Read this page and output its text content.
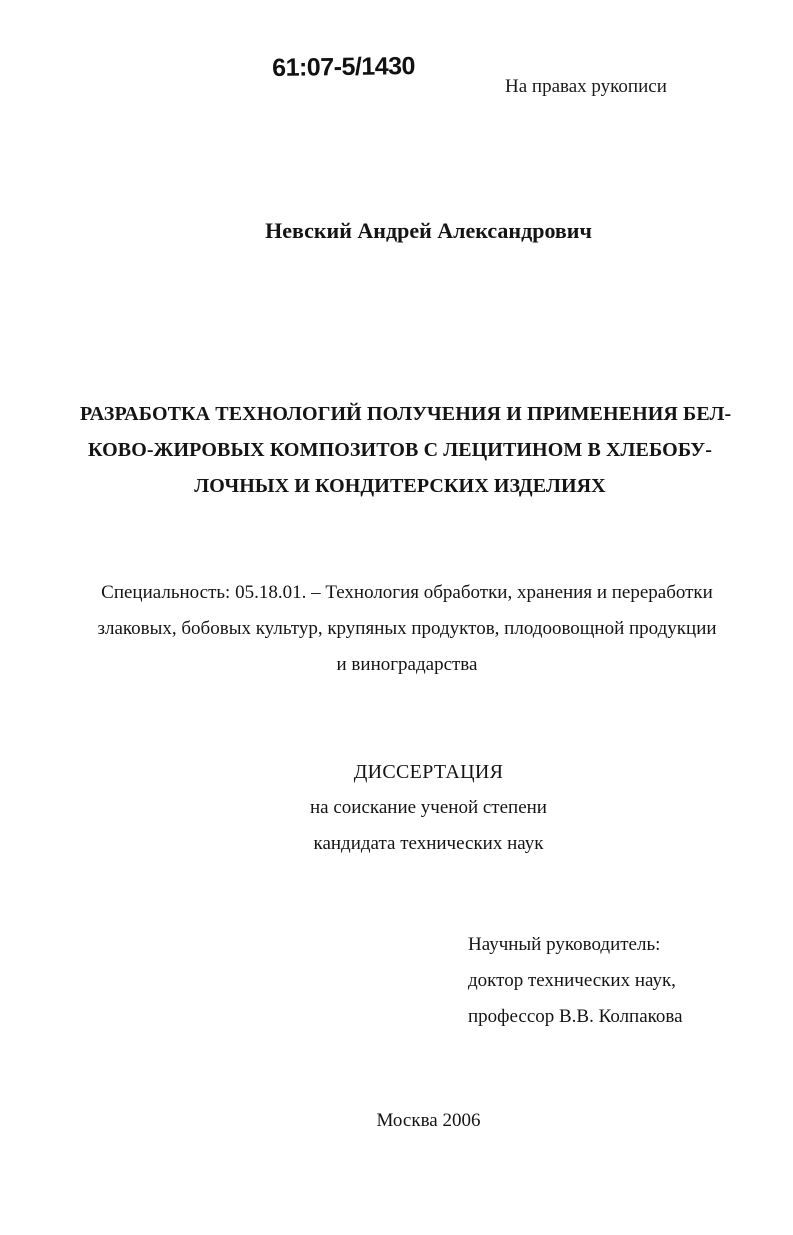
61:07-5/1430
На правах рукописи
Невский Андрей Александрович
РАЗРАБОТКА ТЕХНОЛОГИЙ ПОЛУЧЕНИЯ И ПРИМЕНЕНИЯ БЕЛ-
КОВО-ЖИРОВЫХ КОМПОЗИТОВ С ЛЕЦИТИНОМ В ХЛЕБОБУ-
ЛОЧНЫХ И КОНДИТЕРСКИХ ИЗДЕЛИЯХ
Специальность: 05.18.01. – Технология обработки, хранения и переработки
злаковых, бобовых культур, крупяных продуктов, плодоовощной продукции
и виноградарства
ДИССЕРТАЦИЯ
на соискание ученой степени
кандидата технических наук
Научный руководитель:
доктор технических наук,
профессор В.В. Колпакова
Москва 2006
